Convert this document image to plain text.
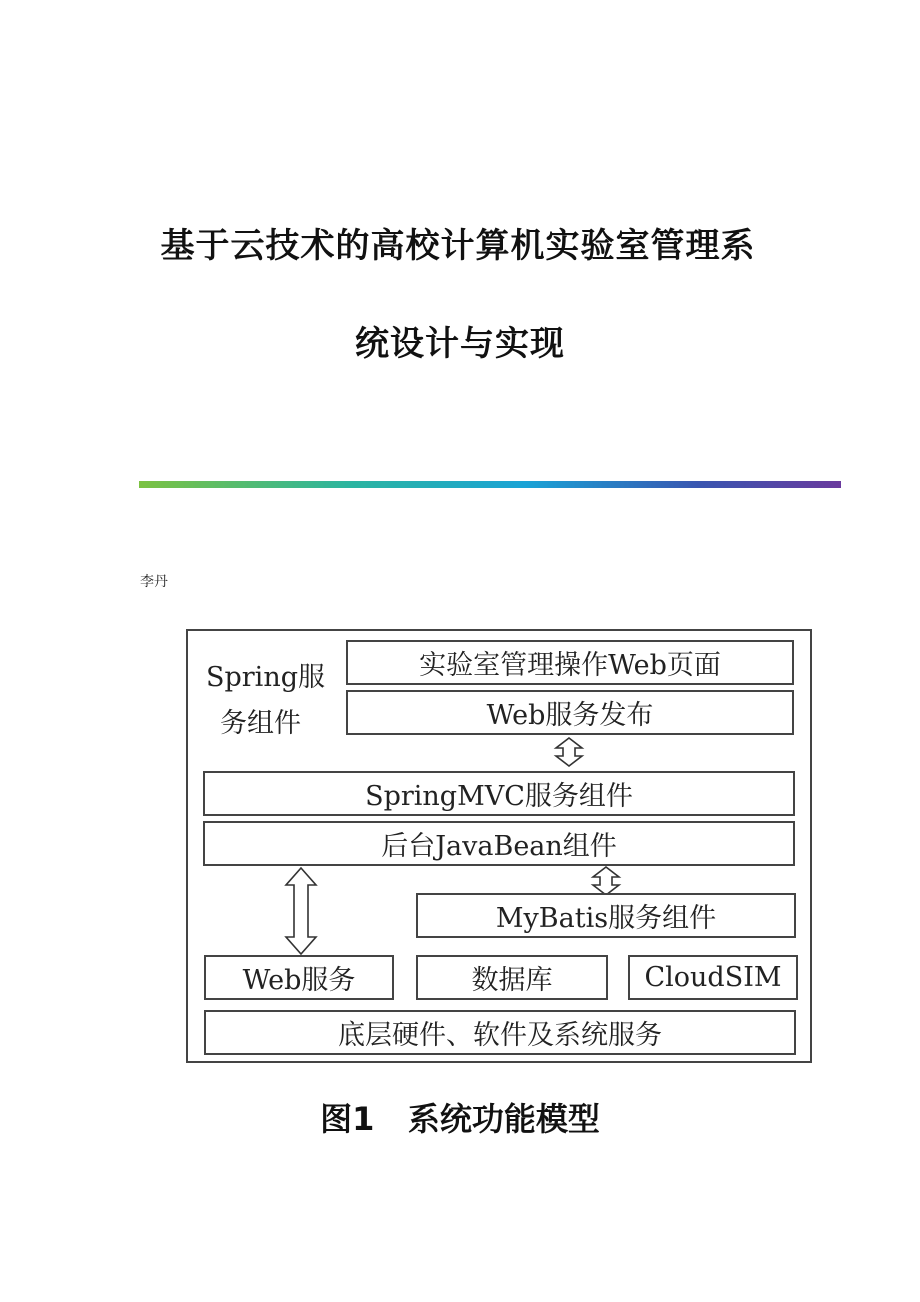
基于云技术的高校计算机实验室管理系
统设计与实现
李丹
Spring服
务组件
实验室管理操作Web页面
Web服务发布
SpringMVC服务组件
后台JavaBean组件
MyBatis服务组件
Web服务	数据库	CloudSIM
底层硬件、软件及系统服务
图1 系统功能模型
